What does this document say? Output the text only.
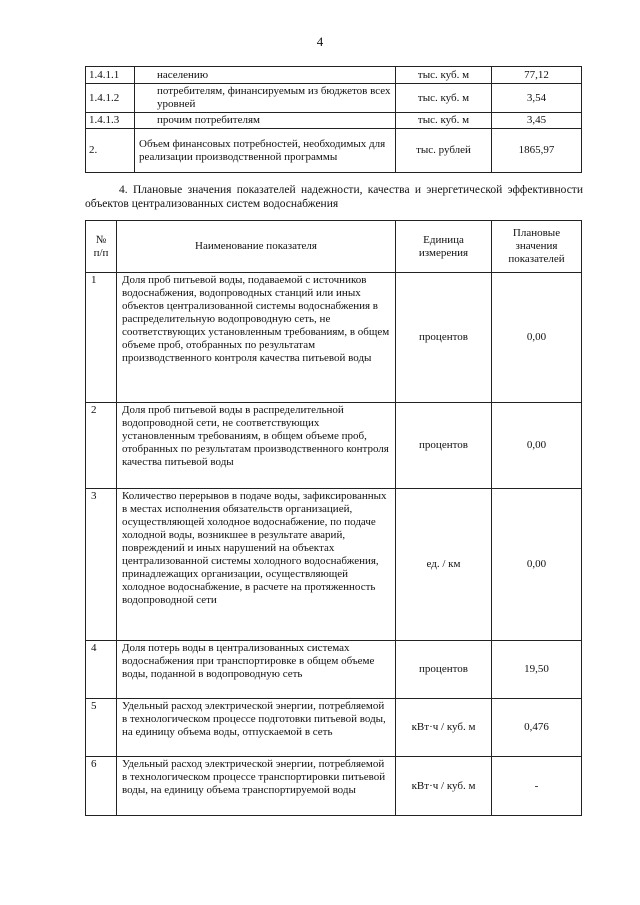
4
1.4.1.1	населению	тыс. куб. м	77,12
1.4.1.2	потребителям, финансируемым из бюджетов всех уровней	тыс. куб. м	3,54
1.4.1.3	прочим потребителям	тыс. куб. м	3,45
2.	Объем финансовых потребностей, необходимых для реализации производственной программы	тыс. рублей	1865,97
4. Плановые значения показателей надежности, качества и энергетической эффективности объектов централизованных систем водоснабжения
№ п/п	Наименование показателя	Единица измерения	Плановые значения показателей
1	Доля проб питьевой воды, подаваемой с источников водоснабжения, водопроводных станций или иных объектов централизованной системы водоснабжения в распределительную водопроводную сеть, не соответствующих установленным требованиям, в общем объеме проб, отобранных по результатам производственного контроля качества питьевой воды	процентов	0,00
2	Доля проб питьевой воды в распределительной водопроводной сети, не соответствующих установленным требованиям, в общем объеме проб, отобранных по результатам производственного контроля качества питьевой воды	процентов	0,00
3	Количество перерывов в подаче воды, зафиксированных в местах исполнения обязательств организацией, осуществляющей холодное водоснабжение, по подаче холодной воды, возникшее в результате аварий, повреждений и иных нарушений на объектах централизованной системы холодного водоснабжения, принадлежащих организации, осуществляющей холодное водоснабжение, в расчете на протяженность водопроводной сети	ед. / км	0,00
4	Доля потерь воды в централизованных системах водоснабжения при транспортировке в общем объеме воды, поданной в водопроводную сеть	процентов	19,50
5	Удельный расход электрической энергии, потребляемой в технологическом процессе подготовки питьевой воды, на единицу объема воды, отпускаемой в сеть	кВт·ч / куб. м	0,476
6	Удельный расход электрической энергии, потребляемой в технологическом процессе транспортировки питьевой воды, на единицу объема транспортируемой воды	кВт·ч / куб. м	-
